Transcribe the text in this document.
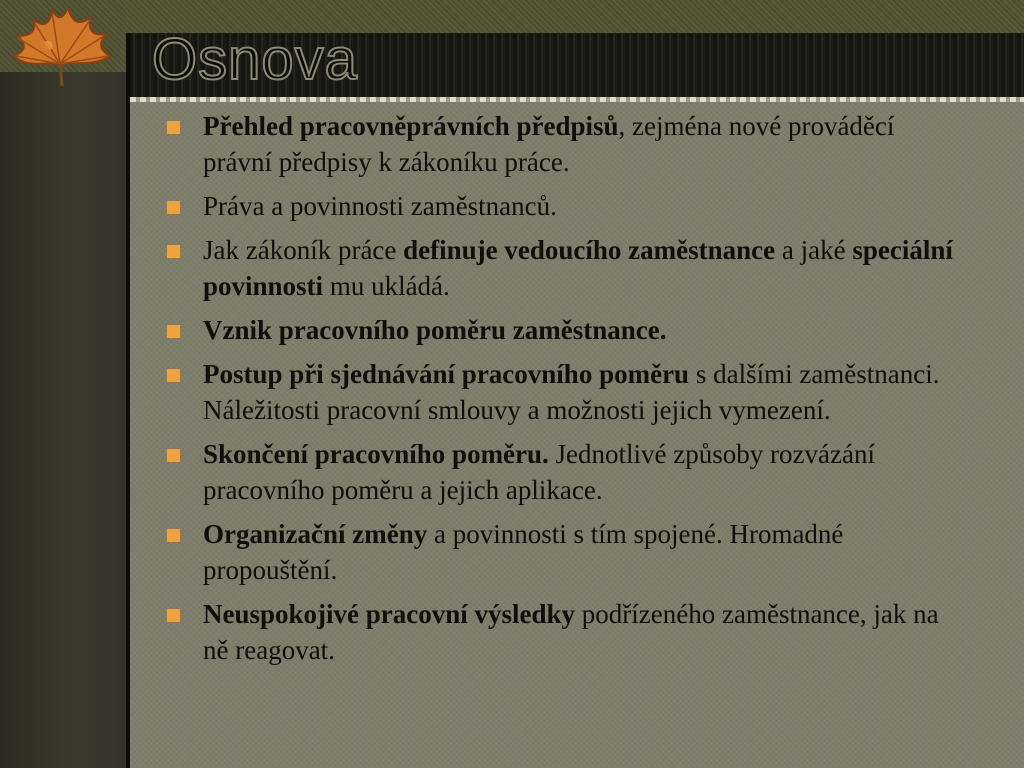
Osnova
Přehled pracovněprávních předpisů, zejména nové prováděcí právní předpisy k zákoníku práce.
Práva a povinnosti zaměstnanců.
Jak zákoník práce definuje vedoucího zaměstnance a jaké speciální povinnosti mu ukládá.
Vznik pracovního poměru zaměstnance.
Postup při sjednávání pracovního poměru s dalšími zaměstnanci. Náležitosti pracovní smlouvy a možnosti jejich vymezení.
Skončení pracovního poměru. Jednotlivé způsoby rozvázání pracovního poměru a jejich aplikace.
Organizační změny a povinnosti s tím spojené. Hromadné propouštění.
Neuspokojivé pracovní výsledky podřízeného zaměstnance, jak na ně reagovat.
